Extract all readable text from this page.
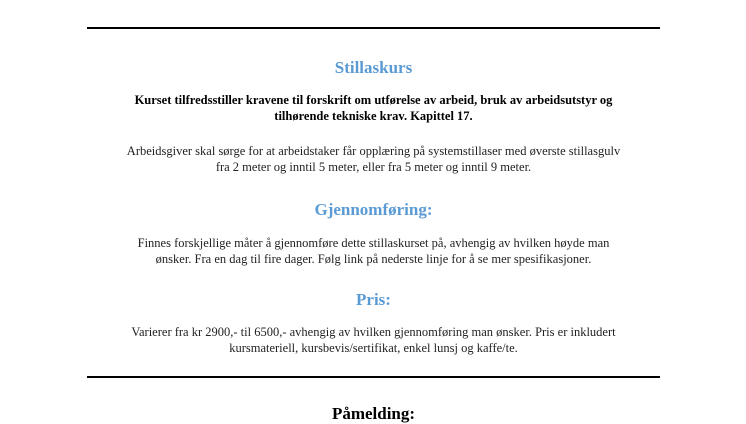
Stillaskurs
Kurset tilfredsstiller kravene til forskrift om utførelse av arbeid, bruk av arbeidsutstyr og
tilhørende tekniske krav. Kapittel 17.
Arbeidsgiver skal sørge for at arbeidstaker får opplæring på systemstillaser med øverste stillasgulv
fra 2 meter og inntil 5 meter, eller fra 5 meter og inntil 9 meter.
Gjennomføring:
Finnes forskjellige måter å gjennomføre dette stillaskurset på, avhengig av hvilken høyde man
ønsker. Fra en dag til fire dager. Følg link på nederste linje for å se mer spesifikasjoner.
Pris:
Varierer fra kr 2900,- til 6500,- avhengig av hvilken gjennomføring man ønsker. Pris er inkludert
kursmateriell, kursbevis/sertifikat, enkel lunsj og kaffe/te.
Påmelding:
